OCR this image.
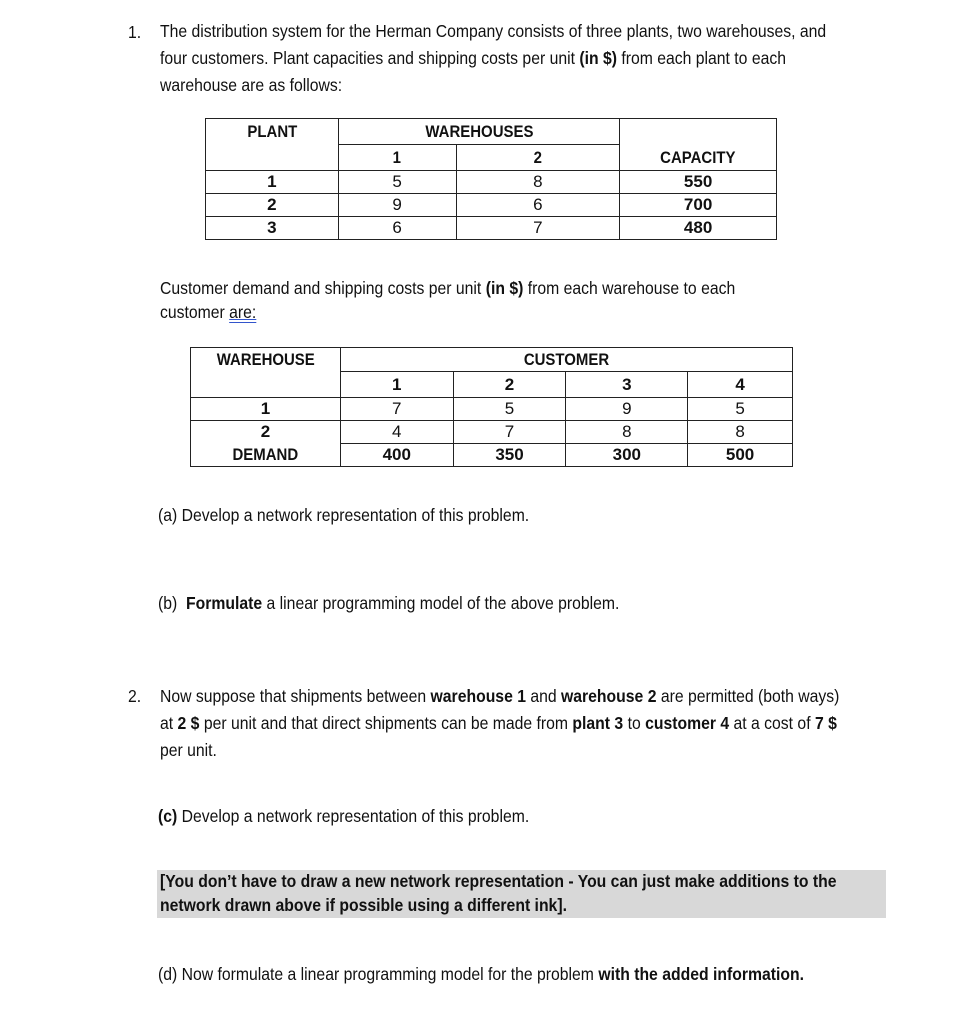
1. The distribution system for the Herman Company consists of three plants, two warehouses, and
four customers. Plant capacities and shipping costs per unit (in $) from each plant to each
warehouse are as follows:
PLANT	WAREHOUSES		CAPACITY
	1	2	
1	5	8	550
2	9	6	700
3	6	7	480
Customer demand and shipping costs per unit (in $) from each warehouse to each
customer are:
WAREHOUSE	CUSTOMER			
	1	2	3	4
1	7	5	9	5
2	4	7	8	8
DEMAND	400	350	300	500
(a) Develop a network representation of this problem.
(b) Formulate a linear programming model of the above problem.
2. Now suppose that shipments between warehouse 1 and warehouse 2 are permitted (both ways)
at 2 $ per unit and that direct shipments can be made from plant 3 to customer 4 at a cost of 7 $
per unit.
(c) Develop a network representation of this problem.
[You don’t have to draw a new network representation - You can just make additions to the
network drawn above if possible using a different ink].
(d) Now formulate a linear programming model for the problem with the added information.
